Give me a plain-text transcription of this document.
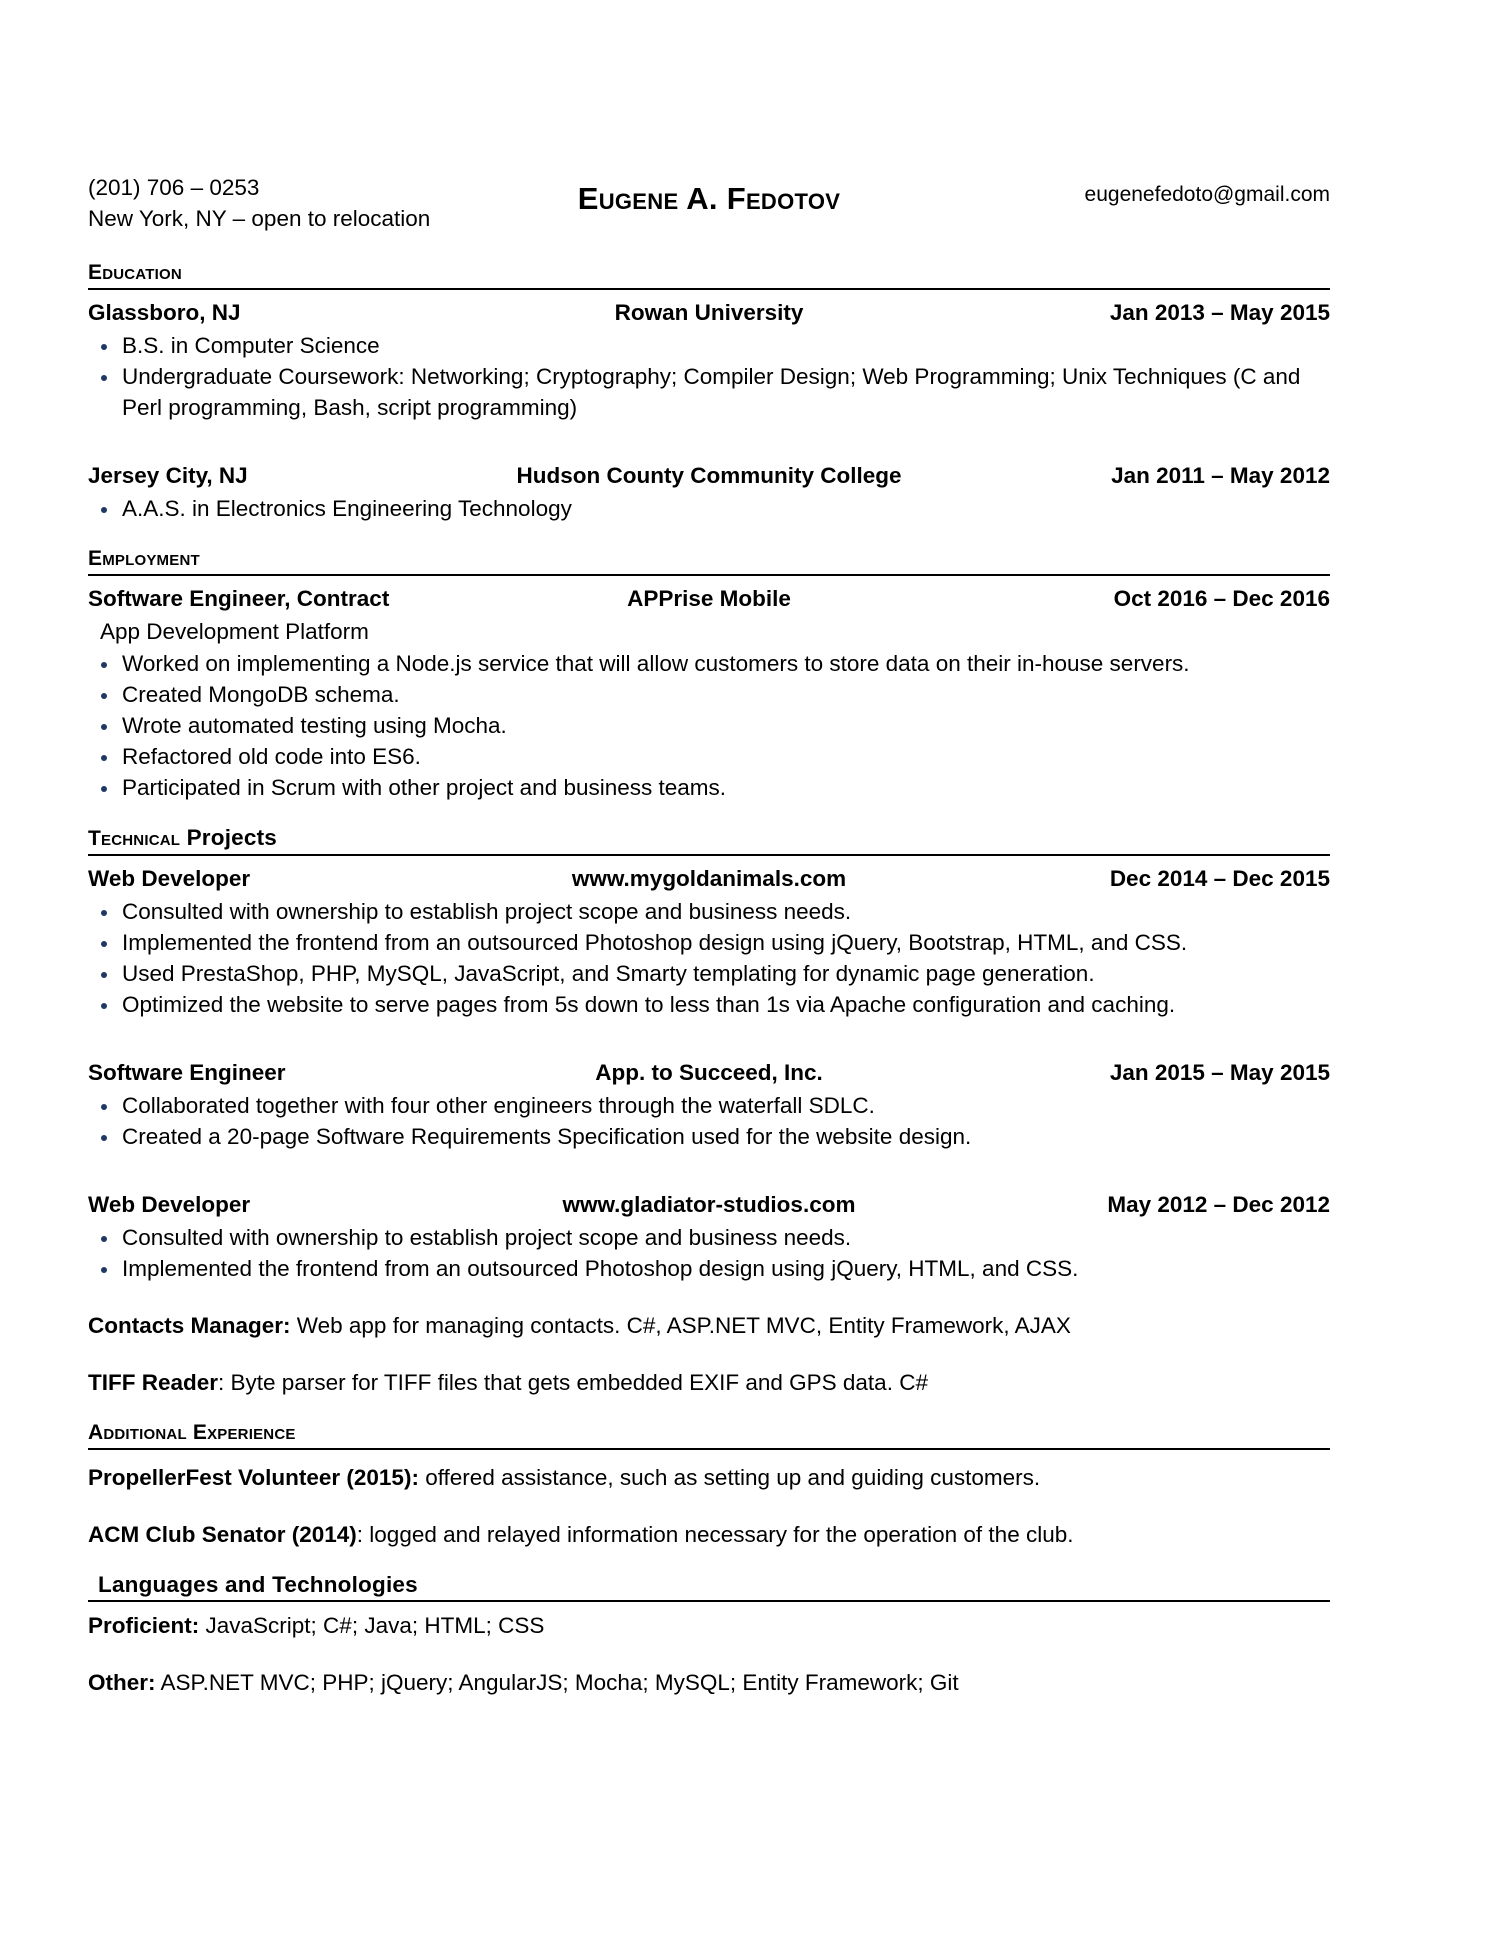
(201) 706 – 0253
New York, NY – open to relocation
Eugene A. Fedotov	eugenefedoto@gmail.com
Education
Glassboro, NJ	Rowan University	Jan 2013 – May 2015
B.S. in Computer Science
Undergraduate Coursework: Networking; Cryptography; Compiler Design; Web Programming; Unix Techniques (C and Perl programming, Bash, script programming)
Jersey City, NJ	Hudson County Community College	Jan 2011 – May 2012
A.A.S. in Electronics Engineering Technology
Employment
Software Engineer, Contract	APPrise Mobile	Oct 2016 – Dec 2016
App Development Platform
Worked on implementing a Node.js service that will allow customers to store data on their in-house servers.
Created MongoDB schema.
Wrote automated testing using Mocha.
Refactored old code into ES6.
Participated in Scrum with other project and business teams.
Technical Projects
Web Developer	www.mygoldanimals.com	Dec 2014 – Dec 2015
Consulted with ownership to establish project scope and business needs.
Implemented the frontend from an outsourced Photoshop design using jQuery, Bootstrap, HTML, and CSS.
Used PrestaShop, PHP, MySQL, JavaScript, and Smarty templating for dynamic page generation.
Optimized the website to serve pages from 5s down to less than 1s via Apache configuration and caching.
Software Engineer	App. to Succeed, Inc.	Jan 2015 – May 2015
Collaborated together with four other engineers through the waterfall SDLC.
Created a 20-page Software Requirements Specification used for the website design.
Web Developer	www.gladiator-studios.com	May 2012 – Dec 2012
Consulted with ownership to establish project scope and business needs.
Implemented the frontend from an outsourced Photoshop design using jQuery, HTML, and CSS.
Contacts Manager: Web app for managing contacts. C#, ASP.NET MVC, Entity Framework, AJAX
TIFF Reader: Byte parser for TIFF files that gets embedded EXIF and GPS data. C#
Additional Experience
PropellerFest Volunteer (2015): offered assistance, such as setting up and guiding customers.
ACM Club Senator (2014): logged and relayed information necessary for the operation of the club.
Languages and Technologies
Proficient: JavaScript; C#; Java; HTML; CSS
Other: ASP.NET MVC; PHP; jQuery; AngularJS; Mocha; MySQL; Entity Framework; Git
